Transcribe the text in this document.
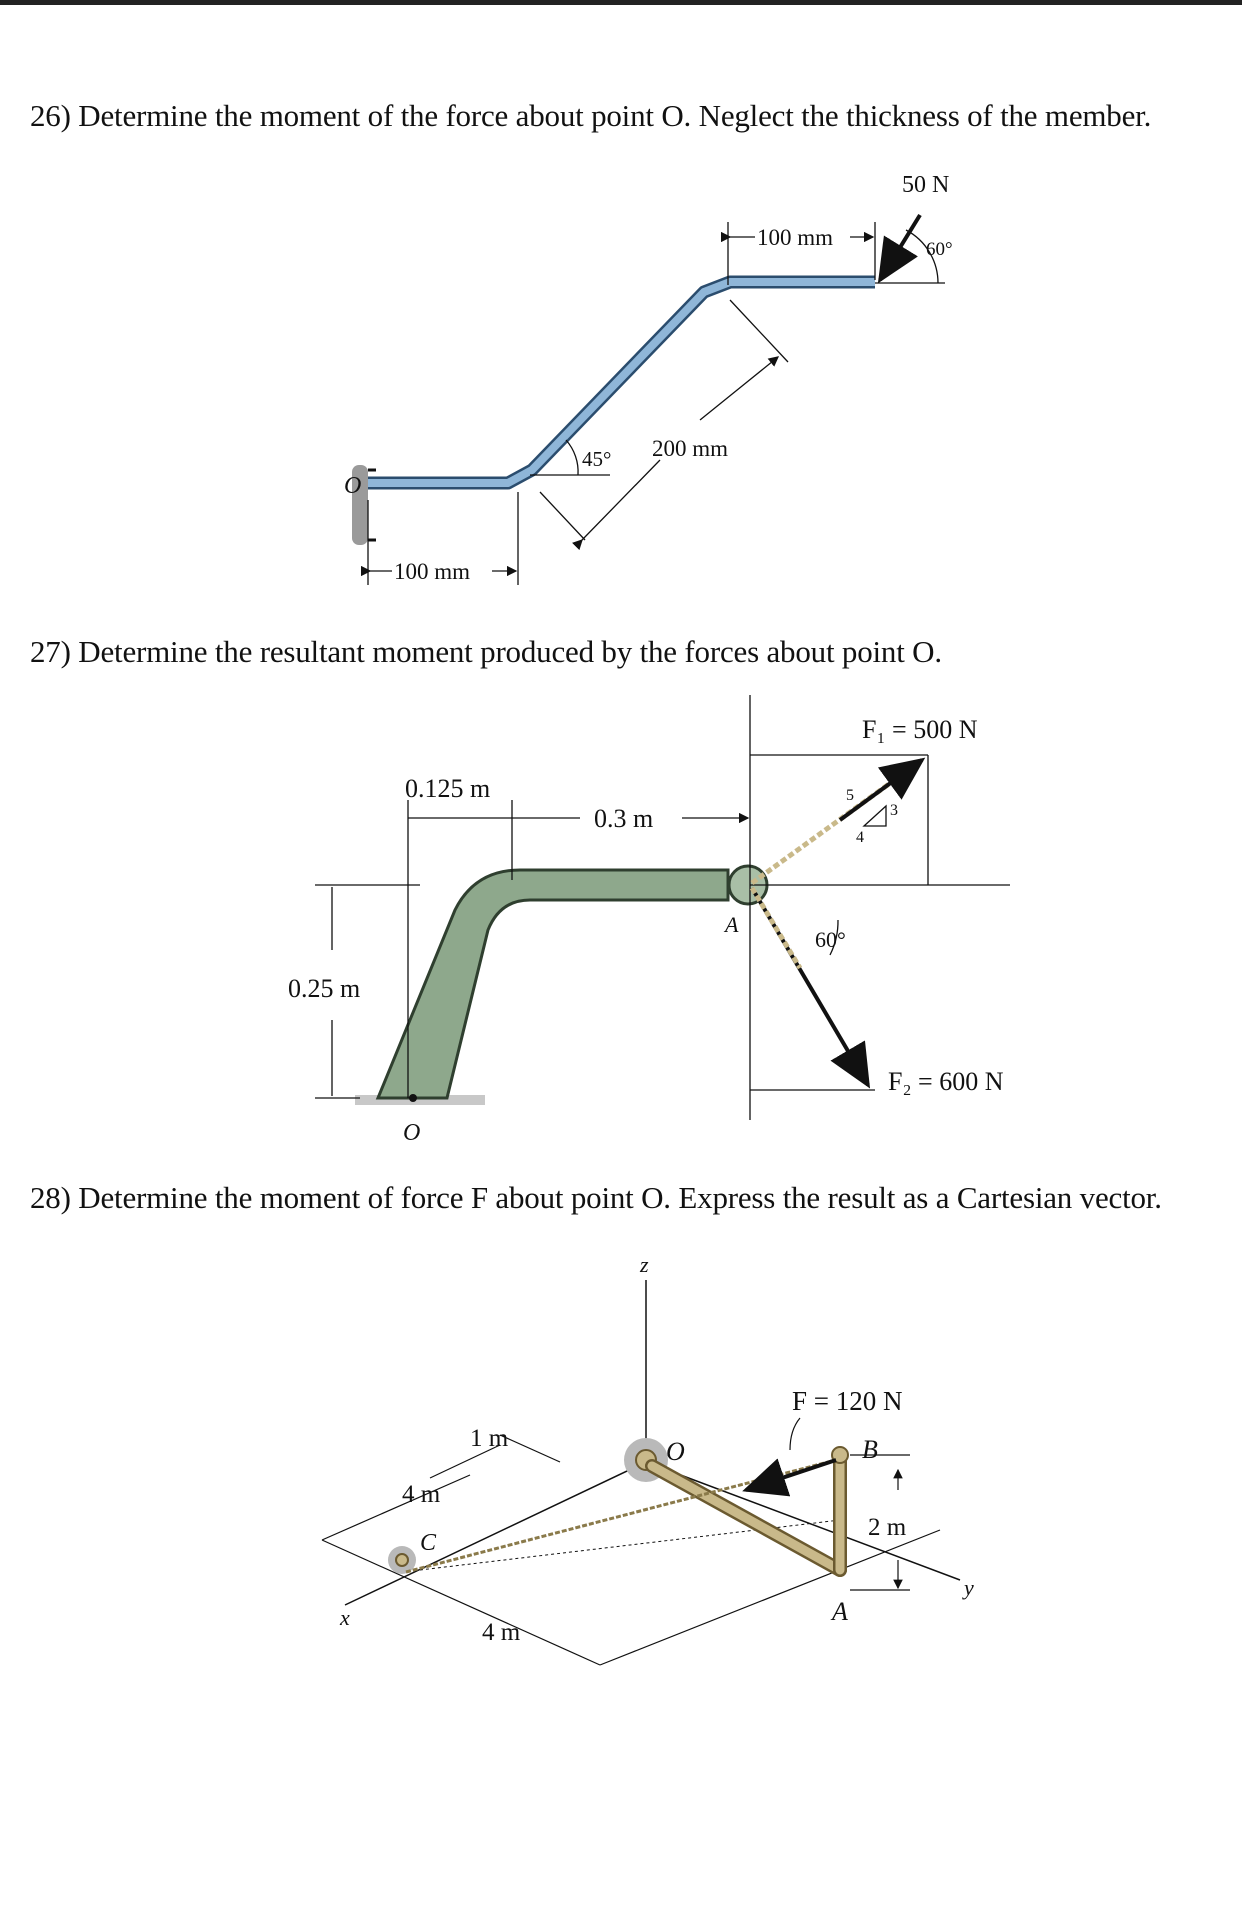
26) Determine the moment of the force about point O. Neglect the thickness of the member.
27) Determine the resultant moment produced by the forces about point O.
28) Determine the moment of force F about point O. Express the result as a Cartesian vector.
O
50 N
60°
100 mm
45° 200 mm
100 mm
O
A
F₁ = 500 N
5
3
4
F₂ = 600 N
60°
0.125 m
0.3 m
0.25 m
z
x
y
O
A
B
C
F = 120 N
1 m
4 m
4 m
2 m
